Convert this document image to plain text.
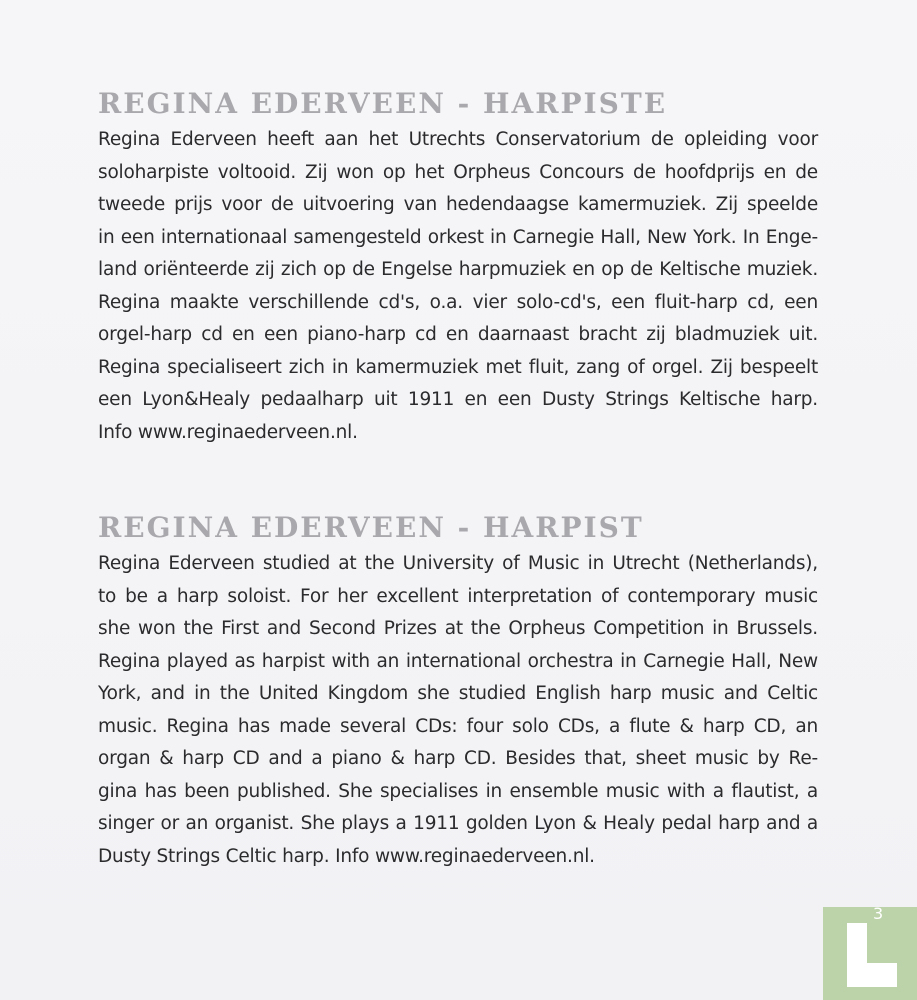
REGINA EDERVEEN - HARPISTE
Regina Ederveen heeft aan het Utrechts Conservatorium de opleiding voor
soloharpiste voltooid. Zij won op het Orpheus Concours de hoofdprijs en de
tweede prijs voor de uitvoering van hedendaagse kamermuziek. Zij speelde
in een internationaal samengesteld orkest in Carnegie Hall, New York. In Enge-
land oriënteerde zij zich op de Engelse harpmuziek en op de Keltische muziek.
Regina maakte verschillende cd's, o.a. vier solo-cd's, een fluit-harp cd, een
orgel-harp cd en een piano-harp cd en daarnaast bracht zij bladmuziek uit.
Regina specialiseert zich in kamermuziek met fluit, zang of orgel. Zij bespeelt
een Lyon&Healy pedaalharp uit 1911 en een Dusty Strings Keltische harp.
Info www.reginaederveen.nl.
REGINA EDERVEEN - HARPIST
Regina Ederveen studied at the University of Music in Utrecht (Netherlands),
to be a harp soloist. For her excellent interpretation of contemporary music
she won the First and Second Prizes at the Orpheus Competition in Brussels.
Regina played as harpist with an international orchestra in Carnegie Hall, New
York, and in the United Kingdom she studied English harp music and Celtic
music. Regina has made several CDs: four solo CDs, a flute & harp CD, an
organ & harp CD and a piano & harp CD. Besides that, sheet music by Re-
gina has been published. She specialises in ensemble music with a flautist, a
singer or an organist. She plays a 1911 golden Lyon & Healy pedal harp and a
Dusty Strings Celtic harp. Info www.reginaederveen.nl.
3
